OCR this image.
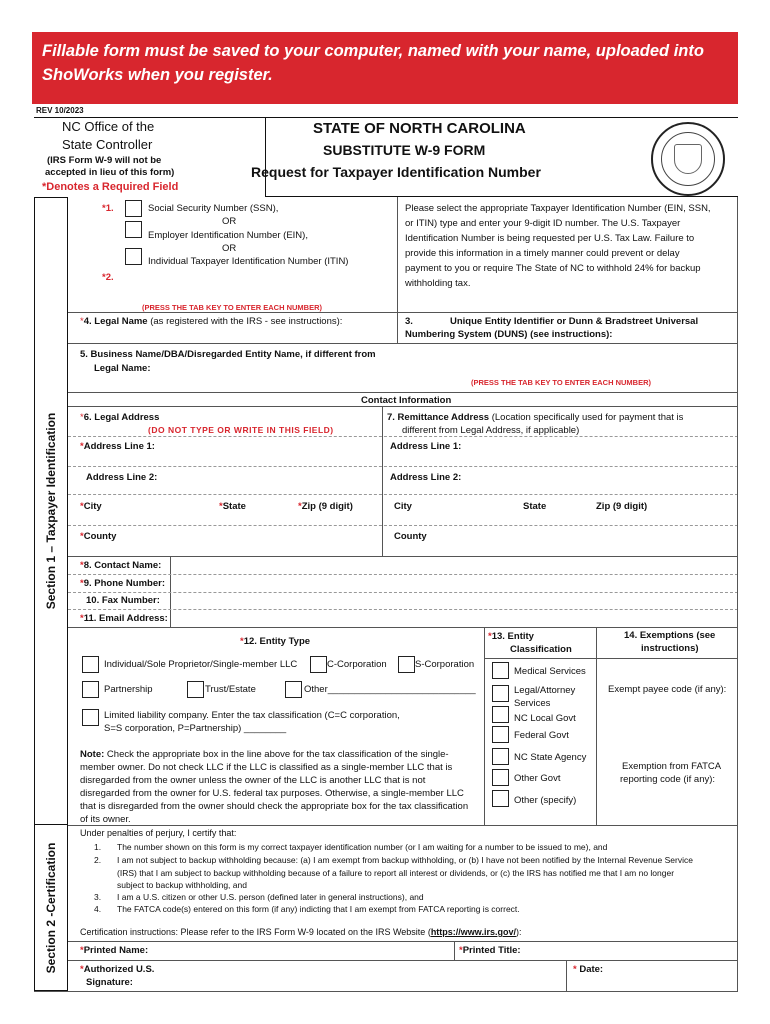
Fillable form must be saved to your computer, named with your name, uploaded into
ShoWorks when you register.
REV 10/2023
NC Office of the
State Controller
(IRS Form W-9 will not be
accepted in lieu of this form)
*Denotes a Required Field
STATE OF NORTH CAROLINA
SUBSTITUTE W-9 FORM
Request for Taxpayer Identification Number
Section 1 – Taxpayer Identification
Section 2 -Certification
*1.	Social Security Number (SSN),
OR
Employer Identification Number (EIN),
OR
Individual Taxpayer Identification Number (ITIN)
*2.
(PRESS THE TAB KEY TO ENTER EACH NUMBER)
Please select the appropriate Taxpayer Identification Number (EIN, SSN,
or ITIN) type and enter your 9-digit ID number. The U.S. Taxpayer
Identification Number is being requested per U.S. Tax Law. Failure to
provide this information in a timely manner could prevent or delay
payment to you or require The State of NC to withhold 24% for backup
withholding tax.
*4. Legal Name (as registered with the IRS - see instructions):	3.	Unique Entity Identifier or Dunn & Bradstreet Universal
Numbering System (DUNS) (see instructions):
5. Business Name/DBA/Disregarded Entity Name, if different from
Legal Name:
(PRESS THE TAB KEY TO ENTER EACH NUMBER)
Contact Information
*6. Legal Address
(DO NOT TYPE OR WRITE IN THIS FIELD)
*Address Line 1:
Address Line 2:
*City	*State	*Zip (9 digit)
*County
7. Remittance Address (Location specifically used for payment that is
different from Legal Address, if applicable)
Address Line 1:
Address Line 2:
City	State	Zip (9 digit)
County
*8. Contact Name:
*9. Phone Number:
10. Fax Number:
*11. Email Address:
*12. Entity Type
Individual/Sole Proprietor/Single-member LLC	C-Corporation	S-Corporation
Partnership	Trust/Estate	Other____________________________
Limited liability company. Enter the tax classification (C=C corporation,
S=S corporation, P=Partnership) ________
Note: Check the appropriate box in the line above for the tax classification of the single-
member owner. Do not check LLC if the LLC is classified as a single-member LLC that is
disregarded from the owner unless the owner of the LLC is another LLC that is not
disregarded from the owner for U.S. federal tax purposes. Otherwise, a single-member LLC
that is disregarded from the owner should check the appropriate box for the tax classification
of its owner.
*13. Entity
Classification
Medical Services
Legal/Attorney
Services
NC Local Govt
Federal Govt
NC State Agency
Other Govt
Other (specify)
14. Exemptions (see
instructions)
Exempt payee code (if any):
Exemption from FATCA
reporting code (if any):
Under penalties of perjury, I certify that:
1. The number shown on this form is my correct taxpayer identification number (or I am waiting for a number to be issued to me), and
2. I am not subject to backup withholding because: (a) I am exempt from backup withholding, or (b) I have not been notified by the Internal Revenue Service
(IRS) that I am subject to backup withholding because of a failure to report all interest or dividends, or (c) the IRS has notified me that I am no longer
subject to backup withholding, and
3. I am a U.S. citizen or other U.S. person (defined later in general instructions), and
4. The FATCA code(s) entered on this form (if any) indicting that I am exempt from FATCA reporting is correct.
Certification instructions: Please refer to the IRS Form W-9 located on the IRS Website (https://www.irs.gov/):
*Printed Name:	*Printed Title:
*Authorized U.S.
Signature:
* Date:
